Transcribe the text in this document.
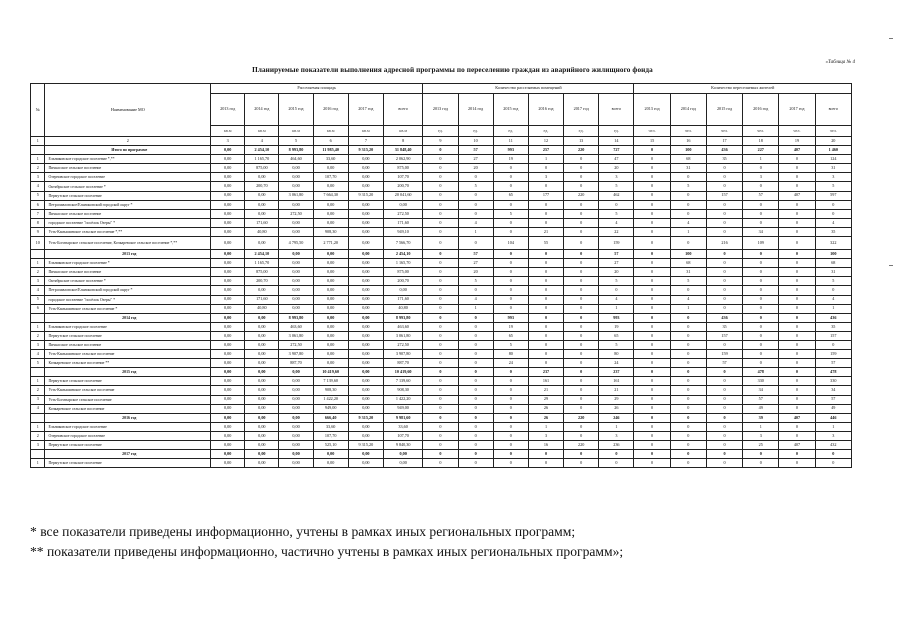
«Таблица № 4
Планируемые показатели выполнения адресной программы по переселению граждан из аварийного жилищного фонда
№	Наименование МО	Расселяемая площадь						Количество расселяемых помещений						Количество переселяемых жителей					
		2013 год	2014 год	2015 год	2016 год	2017 год	всего	2013 год	2014 год	2015 год	2016 год	2017 год	всего	2013 год	2014 год	2015 год	2016 год	2017 год	всего
		кв.м	кв.м	кв.м	кв.м	кв.м	кв.м	ед.	ед.	ед.	ед.	ед.	ед.	чел.	чел.	чел.	чел.	чел.	чел.
1	2	3	4	5	6	7	8	9	10	11	12	13	14	15	16	17	18	19	20
	Итого по программе	0,00	2 454,10	8 993,80	11 985,40	9 315,20	31 848,40	0	57	993	257	220	727	0	100	436	227	407	1 460
1	Ельниковское городское поселение *,**	0,00	1 165,70	464,60	33,60	0,00	2 062,90	0	27	19	1	0	47	0	68	35	1	0	124
2	Пичкасское сельское поселение	0,00	875,00	0,00	0,00	0,00	875,00	0	20	0	0	0	20	0	31	0	0	0	31
3	Озерновское городское поселение	0,00	0,00	0,00	107,70	0,00	107,70	0	0	0	3	0	3	0	0	0	3	0	3
4	Октябрьское сельское поселение *	0,00	200,70	0,00	0,00	0,00	200,70	0	5	0	0	0	5	0	5	0	0	0	5
5	Пермутское сельское поселение	0,00	0,00	3 061,80	7 664,30	9 315,20	20 041,60	0	0	65	177	220	462	0	0	157	57	407	597
6	Петропавловское/Ельниковский городской округ *	0,00	0,00	0,00	0,00	0,00	0,00	0	0	0	0	0	0	0	0	0	0	0	0
7	Пичкасское сельское поселение	0,00	0,00	272,50	0,00	0,00	272,50	0	0	5	0	0	5	0	0	0	0	0	0
8	городское поселение "посёлок Озеры" *	0,00	171,60	0,00	0,00	0,00	171,60	0	4	0	0	0	4	0	4	0	0	0	4
9	Усть-Камышинское сельское поселение *,**	0,00	40,80	0,00	908,30	0,00	949,10	0	1	0	21	0	22	0	1	0	34	0	35
10	Усть-Богатырское сельское поселение, Кочкаревское сельское поселение *,**	0,00	0,00	4 795,50	2 771,20	0,00	7 566,70	0	0	104	55	0	159	0	0	216	109	0	322
	2013 год	0,00	2 454,10	0,00	0,00	0,00	2 454,10	0	57	0	0	0	57	0	100	0	0	0	100
1	Ельниковское городское поселение *	0,00	1 165,70	0,00	0,00	0,00	1 165,70	0	27	0	0	0	27	0	68	0	0	0	68
2	Пичкасское сельское поселение	0,00	875,00	0,00	0,00	0,00	875,00	0	20	0	0	0	20	0	31	0	0	0	31
3	Октябрьское сельское поселение *	0,00	200,70	0,00	0,00	0,00	200,70	0	5	0	0	0	5	0	5	0	0	0	5
4	Петропавловское/Ельниковский городской округ *	0,00	0,00	0,00	0,00	0,00	0,00	0	0	0	0	0	0	0	0	0	0	0	0
5	городское поселение "посёлок Озеры" *	0,00	171,60	0,00	0,00	0,00	171,60	0	4	0	0	0	4	0	4	0	0	0	4
6	Усть-Камышинское сельское поселение *	0,00	40,80	0,00	0,00	0,00	40,80	0	1	0	0	0	1	0	1	0	0	0	1
	2014 год	0,00	0,00	8 993,80	0,00	0,00	8 993,80	0	0	993	0	0	993	0	0	436	0	0	436
1	Ельниковское городское поселение	0,00	0,00	463,60	0,00	0,00	463,60	0	0	19	0	0	19	0	0	35	0	0	35
2	Пермутское сельское поселение	0,00	0,00	3 061,80	0,00	0,00	3 061,80	0	0	65	0	0	65	0	0	157	0	0	157
3	Пичкасское сельское поселение	0,00	0,00	272,50	0,00	0,00	272,50	0	0	5	0	0	5	0	0	0	0	0	0
4	Усть-Камышинское сельское поселение	0,00	0,00	3 907,80	0,00	0,00	3 907,80	0	0	80	0	0	80	0	0	159	0	0	159
5	Кочкаревское сельское поселение **	0,00	0,00	887,70	0,00	0,00	887,70	0	0	24	0	0	24	0	0	57	0	0	57
	2015 год	0,00	0,00	0,00	10 419,60	0,00	10 419,60	0	0	0	237	0	237	0	0	0	478	0	478
1	Пермутское сельское поселение	0,00	0,00	0,00	7 139,60	0,00	7 139,60	0	0	0	161	0	161	0	0	0	330	0	330
2	Усть-Камышинское сельское поселение	0,00	0,00	0,00	908,30	0,00	908,30	0	0	0	21	0	21	0	0	0	34	0	34
3	Усть-Богатырское сельское поселение	0,00	0,00	0,00	1 422,20	0,00	1 422,20	0	0	0	29	0	29	0	0	0	57	0	57
4	Кочкаревское сельское поселение	0,00	0,00	0,00	949,00	0,00	949,00	0	0	0	26	0	26	0	0	0	49	0	49
	2016 год	0,00	0,00	0,00	666,40	9 315,20	9 981,60	0	0	0	26	220	246	0	0	0	39	407	446
1	Ельниковское городское поселение	0,00	0,00	0,00	33,60	0,00	33,60	0	0	0	1	0	1	0	0	0	1	0	1
2	Озерновское городское поселение	0,00	0,00	0,00	107,70	0,00	107,70	0	0	0	3	0	3	0	0	0	3	0	3
3	Пермутское сельское поселение	0,00	0,00	0,00	525,10	9 315,20	9 840,30	0	0	0	16	220	236	0	0	0	25	407	432
	2017 год	0,00	0,00	0,00	0,00	0,00	0,00	0	0	0	0	0	0	0	0	0	0	0	0
1	Пермутское сельское поселение	0,00	0,00	0,00	0,00	0,00	0,00	0	0	0	0	0	0	0	0	0	0	0	0
* все показатели приведены информационно, учтены в рамках иных региональных программ;
** показатели приведены информационно, частично учтены в рамках иных региональных программ»;
